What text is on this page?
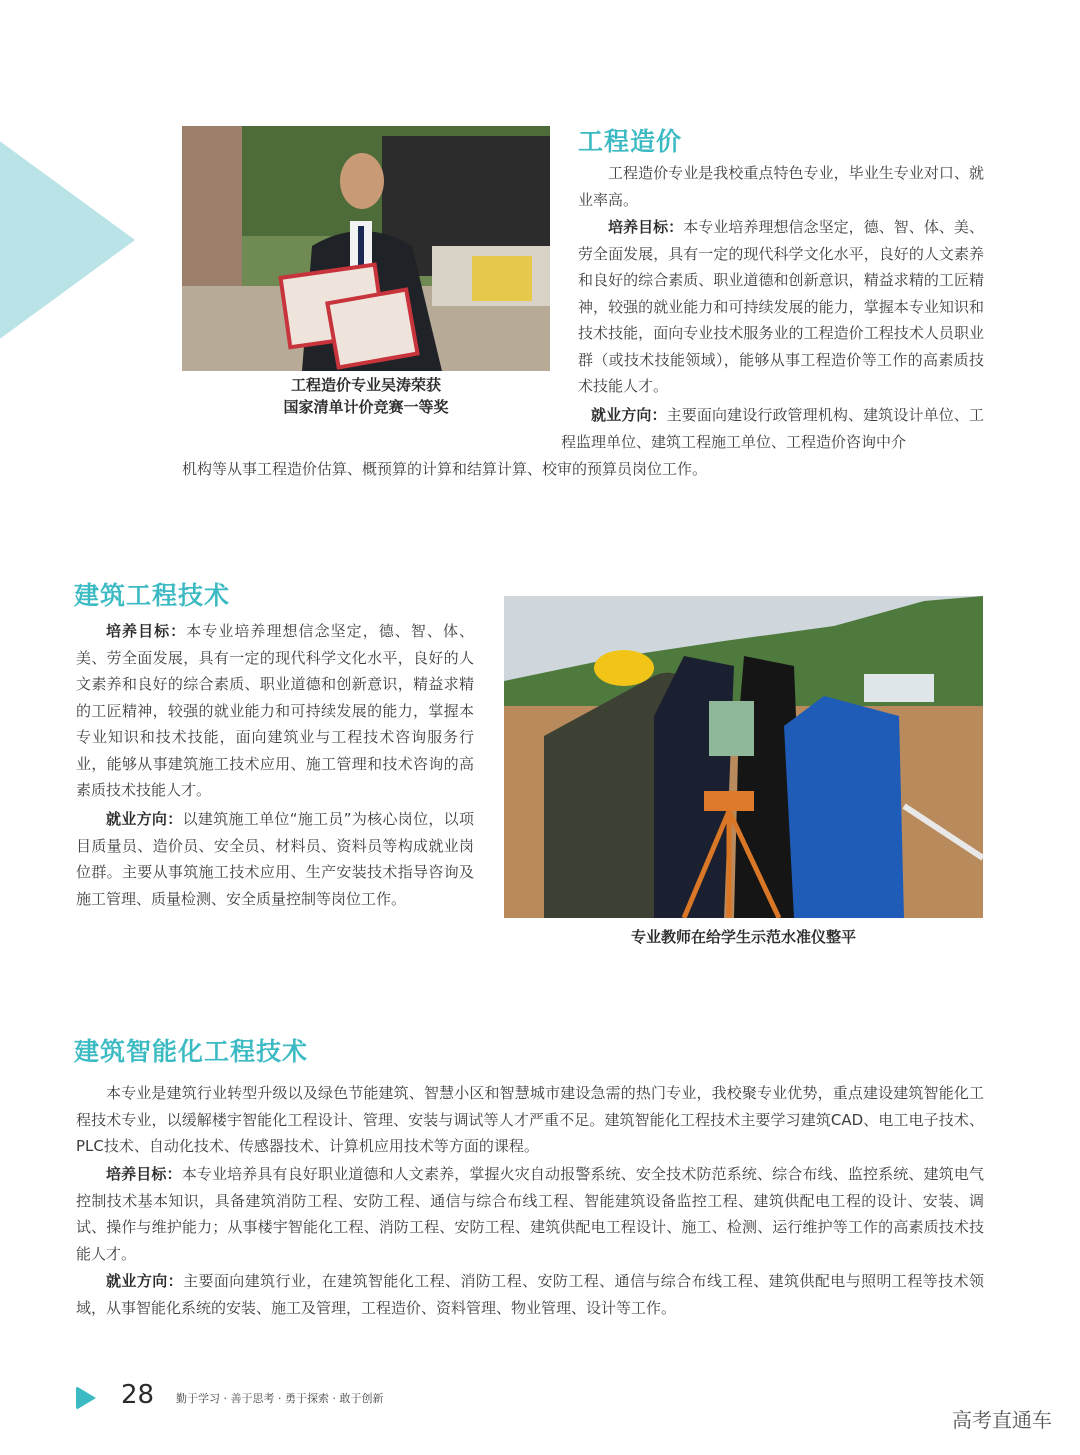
工程造价专业吴涛荣获
国家清单计价竞赛一等奖
工程造价

工程造价专业是我校重点特色专业，毕业生专业对口、就业率高。

培养目标：本专业培养理想信念坚定，德、智、体、美、劳全面发展，具有一定的现代科学文化水平，良好的人文素养和良好的综合素质、职业道德和创新意识，精益求精的工匠精神，较强的就业能力和可持续发展的能力，掌握本专业知识和技术技能，面向专业技术服务业的工程造价工程技术人员职业群（或技术技能领域），能够从事工程造价等工作的高素质技术技能人才。

就业方向：主要面向建设行政管理机构、建筑设计单位、工程监理单位、建筑工程施工单位、工程造价咨询中介

机构等从事工程造价估算、概预算的计算和结算计算、校审的预算员岗位工作。

建筑工程技术

培养目标：本专业培养理想信念坚定，德、智、体、美、劳全面发展，具有一定的现代科学文化水平，良好的人文素养和良好的综合素质、职业道德和创新意识，精益求精的工匠精神，较强的就业能力和可持续发展的能力，掌握本专业知识和技术技能，面向建筑业与工程技术咨询服务行业，能够从事建筑施工技术应用、施工管理和技术咨询的高素质技术技能人才。

就业方向：以建筑施工单位“施工员”为核心岗位，以项目质量员、造价员、安全员、材料员、资料员等构成就业岗位群。主要从事筑施工技术应用、生产安装技术指导咨询及施工管理、质量检测、安全质量控制等岗位工作。

专业教师在给学生示范水准仪整平
建筑智能化工程技术

本专业是建筑行业转型升级以及绿色节能建筑、智慧小区和智慧城市建设急需的热门专业，我校聚专业优势，重点建设建筑智能化工程技术专业，以缓解楼宇智能化工程设计、管理、安装与调试等人才严重不足。建筑智能化工程技术主要学习建筑CAD、电工电子技术、PLC技术、自动化技术、传感器技术、计算机应用技术等方面的课程。

培养目标：本专业培养具有良好职业道德和人文素养，掌握火灾自动报警系统、安全技术防范系统、综合布线、监控系统、建筑电气控制技术基本知识，具备建筑消防工程、安防工程、通信与综合布线工程、智能建筑设备监控工程、建筑供配电工程的设计、安装、调试、操作与维护能力；从事楼宇智能化工程、消防工程、安防工程、建筑供配电工程设计、施工、检测、运行维护等工作的高素质技术技能人才。

就业方向：主要面向建筑行业，在建筑智能化工程、消防工程、安防工程、通信与综合布线工程、建筑供配电与照明工程等技术领域，从事智能化系统的安装、施工及管理，工程造价、资料管理、物业管理、设计等工作。

28 勤于学习 · 善于思考 · 勇于探索 · 敢于创新
高考直通车
